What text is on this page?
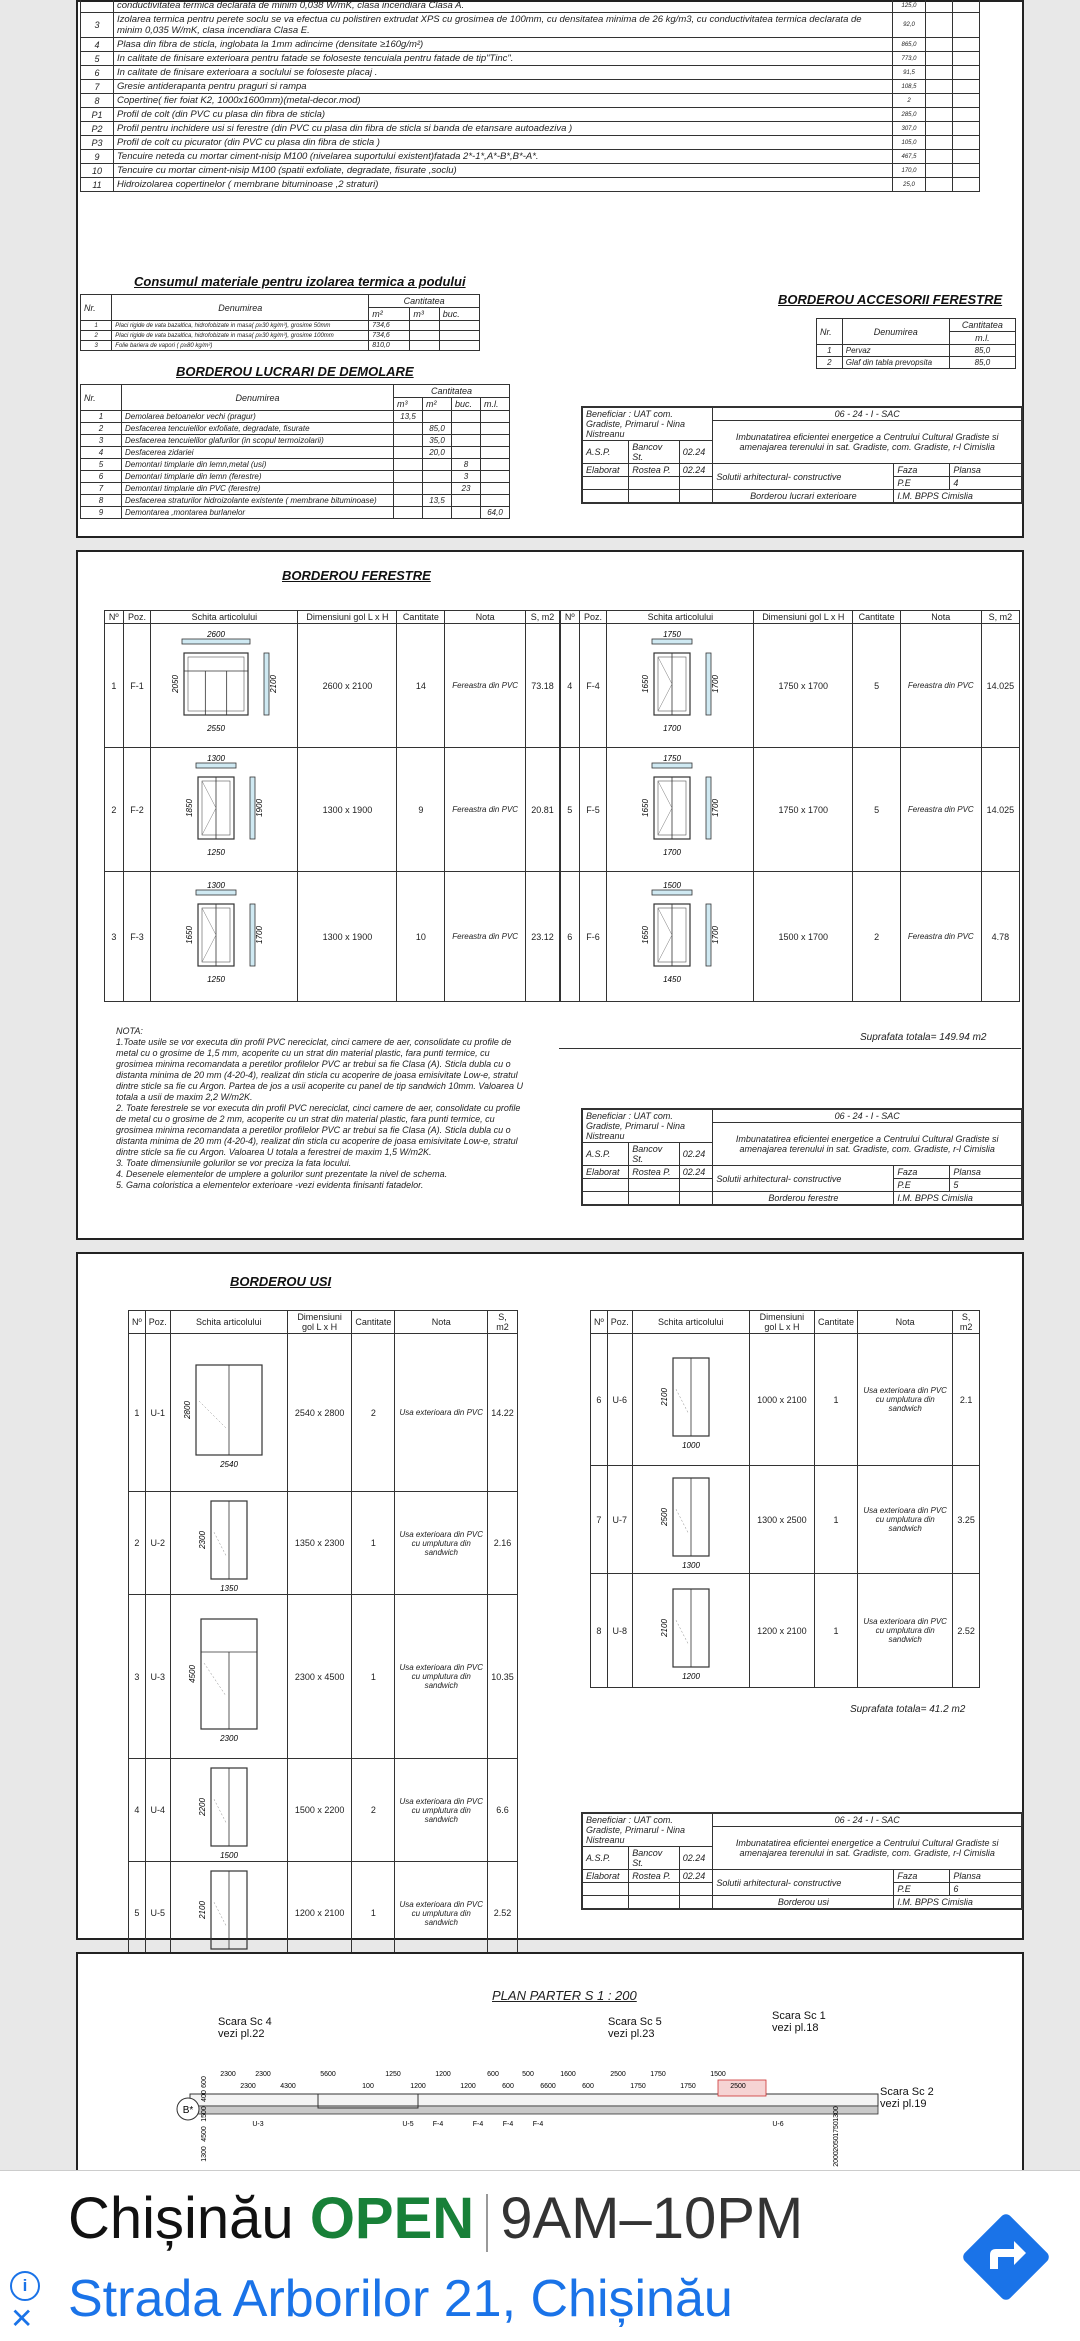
	conductivitatea termica declarata de minim 0,038 W/mK, clasa incendiara Clasa A.	125,0		
3	Izolarea termica pentru perete soclu se va efectua cu polistiren extrudat XPS cu grosimea de 100mm, cu densitatea minima de 26 kg/m3, cu conductivitatea termica declarata de minim 0,035 W/mK, clasa incendiara Clasa E.	92,0		
4	Plasa din fibra de sticla, inglobata la 1mm adincime (densitate ≥160g/m²)	865,0		
5	In calitate de finisare exterioara pentru fatade se foloseste tencuiala pentru fatade de tip"Tinc".	773,0		
6	In calitate de finisare exterioara a soclului se foloseste placaj .	91,5		
7	Gresie antiderapanta pentru praguri si rampa	108,5		
8	Copertine( fier foiat K2, 1000x1600mm)(metal-decor.mod)	2		
P1	Profil de colt (din PVC cu plasa din fibra de sticla)	285,0		
P2	Profil pentru inchidere usi si ferestre (din PVC cu plasa din fibra de sticla si banda de etansare autoadeziva )	307,0		
P3	Profil de colt cu picurator (din PVC cu plasa din fibra de sticla )	105,0		
9	Tencuire neteda cu mortar ciment-nisip M100 (nivelarea suportului existent)fatada 2*-1*,A*-B*,B*-A*.	467,5		
10	Tencuire cu mortar ciment-nisip M100 (spatii exfoliate, degradate, fisurate ,soclu)	170,0		
11	Hidroizolarea copertinelor ( membrane bituminoase ,2 straturi)	25,0		
Consumul materiale pentru izolarea termica a podului
Nr.	Denumirea	Cantitatea		
		m²	m³	buc.
1	Placi rigide de vata bazaltica, hidrofobizate in masa( ρ≥30 kg/m³), grosime 50mm	734,6		
2	Placi rigide de vata bazaltica, hidrofobizate in masa( ρ≥30 kg/m³), grosime 100mm	734,6		
3	Folie bariera de vapori ( ρ≥80 kg/m²)	810,0		
BORDEROU LUCRARI DE DEMOLARE
Nr.	Denumirea	Cantitatea			
		m³	m²	buc.	m.l.
1	Demolarea betoanelor vechi (pragur)	13,5			
2	Desfacerea tencuielilor exfoliate, degradate, fisurate		85,0		
3	Desfacerea tencuielilor glafurilor (in scopul termoizolarii)		35,0		
4	Desfacerea zidariei		20,0		
5	Demontari timplarie din lemn,metal (usi)			8	
6	Demontari timplarie din lemn (ferestre)			3	
7	Demontari timplarie din PVC (ferestre)			23	
8	Desfacerea straturilor hidroizolante existente ( membrane bituminoase)		13,5		
9	Demontarea ,montarea burlanelor				64,0
BORDEROU ACCESORII FERESTRE
Nr.	Denumirea	Cantitatea
		m.l.
1	Pervaz	85,0
2	Glaf din tabla prevopsita	85,0
Beneficiar : UAT com. Gradiste, Primarul - Nina Nistreanu			06 - 24 - I - SAC		
			Imbunatatirea eficientei energetice a Centrului Cultural Gradiste si amenajarea terenului in sat. Gradiste, com. Gradiste, r-l Cimislia		
A.S.P.	Bancov St.	02.24			
Elaborat	Rostea P.	02.24	Solutii arhitectural- constructive	Faza	Plansa
				P.E	4
			Borderou lucrari exterioare	I.M. BPPS Cimislia	
BORDEROU FERESTRE
Nº	Poz.	Schita articolului	Dimensiuni gol L x H	Cantitate	Nota	S, m2
1	F-1	2600
2550
2050 2100	2600 x 2100	14	Fereastra din PVC	73.18
2	F-2	1300
1250
1850 1900	1300 x 1900	9	Fereastra din PVC	20.81
3	F-3	1300
1250
1650 1700	1300 x 1900	10	Fereastra din PVC	23.12
Nº	Poz.	Schita articolului	Dimensiuni gol L x H	Cantitate	Nota	S, m2
4	F-4	1750
1700
1650 1700	1750 x 1700	5	Fereastra din PVC	14.025
5	F-5	1750
1700
1650 1700	1750 x 1700	5	Fereastra din PVC	14.025
6	F-6	1500
1450
1650 1700	1500 x 1700	2	Fereastra din PVC	4.78
Suprafata totala= 149.94 m2
NOTA:
1.Toate usile se vor executa din profil PVC nereciclat, cinci camere de aer, consolidate cu profile de metal cu o grosime de 1,5 mm, acoperite cu un strat din material plastic, fara punti termice, cu grosimea minima recomandata a peretilor profilelor PVC ar trebui sa fie Clasa (A). Sticla dubla cu o distanta minima de 20 mm (4-20-4), realizat din sticla cu acoperire de joasa emisivitate Low-e, stratul dintre sticle sa fie cu Argon. Partea de jos a usii acoperite cu panel de tip sandwich 10mm. Valoarea U totala a usii de maxim 2,2 W/m2K.
2. Toate ferestrele se vor executa din profil PVC nereciclat, cinci camere de aer, consolidate cu profile de metal cu o grosime de 2 mm, acoperite cu un strat din material plastic, fara punti termice, cu grosimea minima recomandata a peretilor profilelor PVC ar trebui sa fie Clasa (A). Sticla dubla cu o distanta minima de 20 mm (4-20-4), realizat din sticla cu acoperire de joasa emisivitate Low-e, stratul dintre sticle sa fie cu Argon. Valoarea U totala a ferestrei de maxim 1,5 W/m2K.
3. Toate dimensiunile golurilor se vor preciza la fata locului.
4. Desenele elementelor de umplere a golurilor sunt prezentate la nivel de schema.
5. Gama coloristica a elementelor exterioare -vezi evidenta finisanti fatadelor.
Beneficiar : UAT com. Gradiste, Primarul - Nina Nistreanu			06 - 24 - I - SAC		
			Imbunatatirea eficientei energetice a Centrului Cultural Gradiste si amenajarea terenului in sat. Gradiste, com. Gradiste, r-l Cimislia		
A.S.P.	Bancov St.	02.24			
Elaborat	Rostea P.	02.24	Solutii arhitectural- constructive	Faza	Plansa
				P.E	5
			Borderou ferestre	I.M. BPPS Cimislia	
BORDEROU USI
Nº	Poz.	Schita articolului	Dimensiuni gol L x H	Cantitate	Nota	S, m2
1	U-1	2540
2800	2540 x 2800	2	Usa exterioara din PVC	14.22
2	U-2	1350
2300	1350 x 2300	1	Usa exterioara din PVC cu umplutura din sandwich	2.16
3	U-3	2300
4500	2300 x 4500	1	Usa exterioara din PVC cu umplutura din sandwich	10.35
4	U-4	1500
2200	1500 x 2200	2	Usa exterioara din PVC cu umplutura din sandwich	6.6
5	U-5	2100	1200 x 2100	1	Usa exterioara din PVC cu umplutura din sandwich	2.52
Nº	Poz.	Schita articolului	Dimensiuni gol L x H	Cantitate	Nota	S, m2
6	U-6	1000
2100	1000 x 2100	1	Usa exterioara din PVC cu umplutura din sandwich	2.1
7	U-7	1300
2500	1300 x 2500	1	Usa exterioara din PVC cu umplutura din sandwich	3.25
8	U-8	1200
2100	1200 x 2100	1	Usa exterioara din PVC cu umplutura din sandwich	2.52
Suprafata totala= 41.2 m2
Beneficiar : UAT com. Gradiste, Primarul - Nina Nistreanu			06 - 24 - I - SAC		
			Imbunatatirea eficientei energetice a Centrului Cultural Gradiste si amenajarea terenului in sat. Gradiste, com. Gradiste, r-l Cimislia		
A.S.P.	Bancov St.	02.24			
Elaborat	Rostea P.	02.24	Solutii arhitectural- constructive	Faza	Plansa
				P.E	6
			Borderou usi	I.M. BPPS Cimislia	
PLAN PARTER S 1 : 200
Scara Sc 4
vezi pl.22
Scara Sc 5
vezi pl.23
Scara Sc 1
vezi pl.18
Scara Sc 2
vezi pl.19
B*
2300
2300
2300
4300
5600
100
1250
1200
1200
1200
600
600
500
6600
1600
600
2500
1750
1750
1750
1500
2500
U-3	U-5	F-4	F-4	F-4	F-4	U-6
600
400
1500
4500
1300
1300
1750
2050
2000
Chișinău OPEN 9AM–10PM
i
✕ Strada Arborilor 21, Chișinău
